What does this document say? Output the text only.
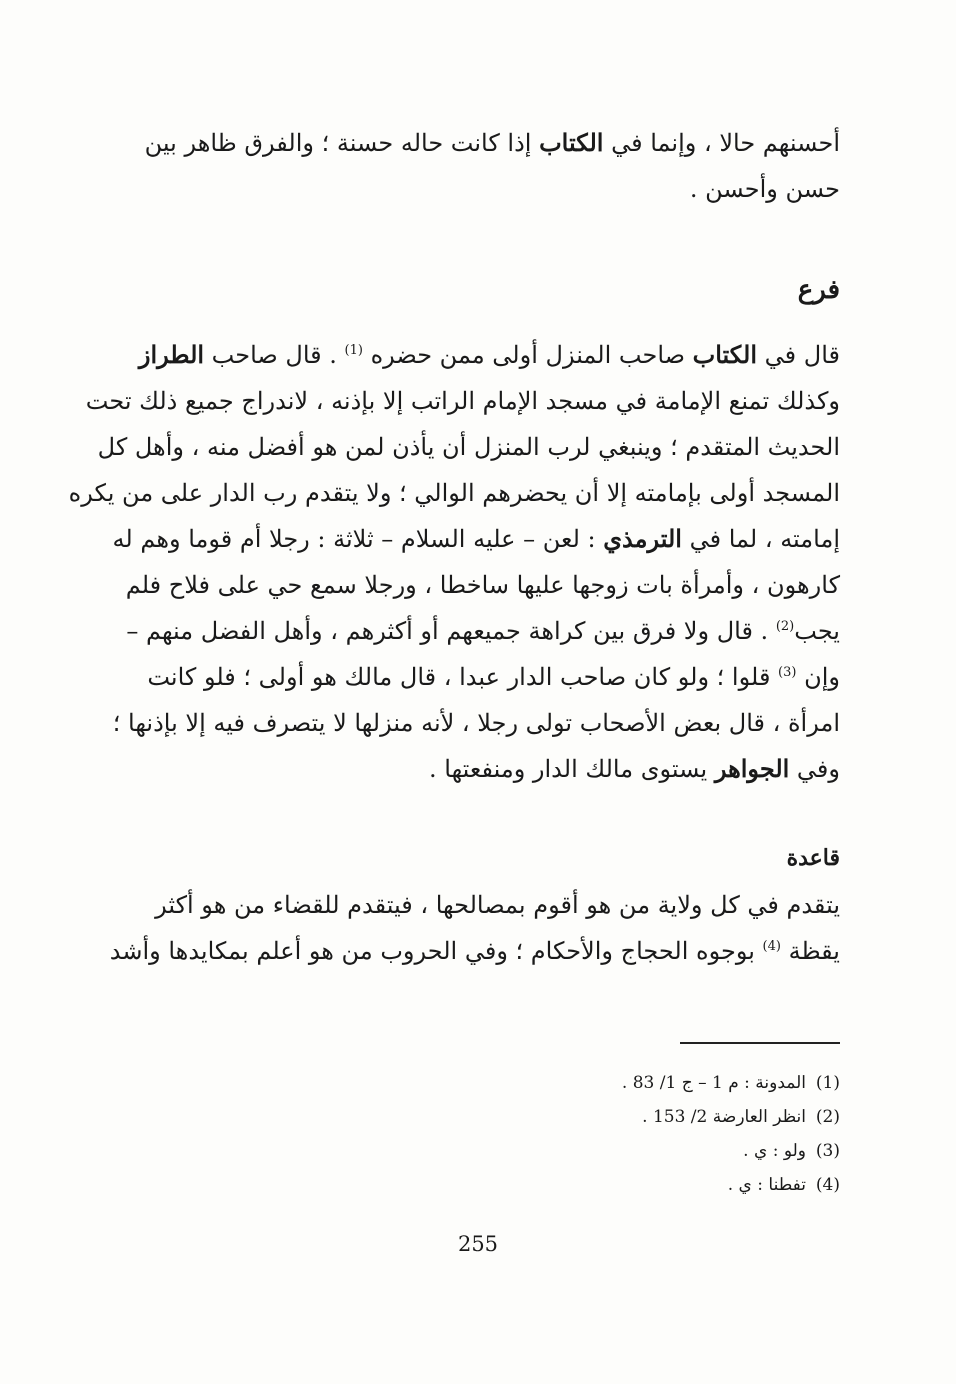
أحسنهم حالا ، وإنما في الكتاب إذا كانت حاله حسنة ؛ والفرق ظاهر بين
حسن وأحسن .
فرع
قال في الكتاب صاحب المنزل أولى ممن حضره $^{(1)}$ . قال صاحب الطراز
وكذلك تمنع الإمامة في مسجد الإمام الراتب إلا بإذنه ، لاندراج جميع ذلك تحت
الحديث المتقدم ؛ وينبغي لرب المنزل أن يأذن لمن هو أفضل منه ، وأهل كل
المسجد أولى بإمامته إلا أن يحضرهم الوالي ؛ ولا يتقدم رب الدار على من يكره
إمامته ، لما في الترمذي : لعن – عليه السلام – ثلاثة : رجلا أم قوما وهم له
كارهون ، وأمرأة بات زوجها عليها ساخطا ، ورجلا سمع حي على فلاح فلم
يجب$^{(2)}$ . قال ولا فرق بين كراهة جميعهم أو أكثرهم ، وأهل الفضل منهم –
وإن $^{(3)}$ قلوا ؛ ولو كان صاحب الدار عبدا ، قال مالك هو أولى ؛ فلو كانت
امرأة ، قال بعض الأصحاب تولى رجلا ، لأنه منزلها لا يتصرف فيه إلا بإذنها ؛
وفي الجواهر يستوى مالك الدار ومنفعتها .
قاعدة
يتقدم في كل ولاية من هو أقوم بمصالحها ، فيتقدم للقضاء من هو أكثر
يقظة $^{(4)}$ بوجوه الحجاج والأحكام ؛ وفي الحروب من هو أعلم بمكايدها وأشد
(1)المدونة : م 1 – ج 1/ 83 .
(2)انظر العارضة 2/ 153 .
(3)ولو : ي .
(4)تفطنا : ي .
255
